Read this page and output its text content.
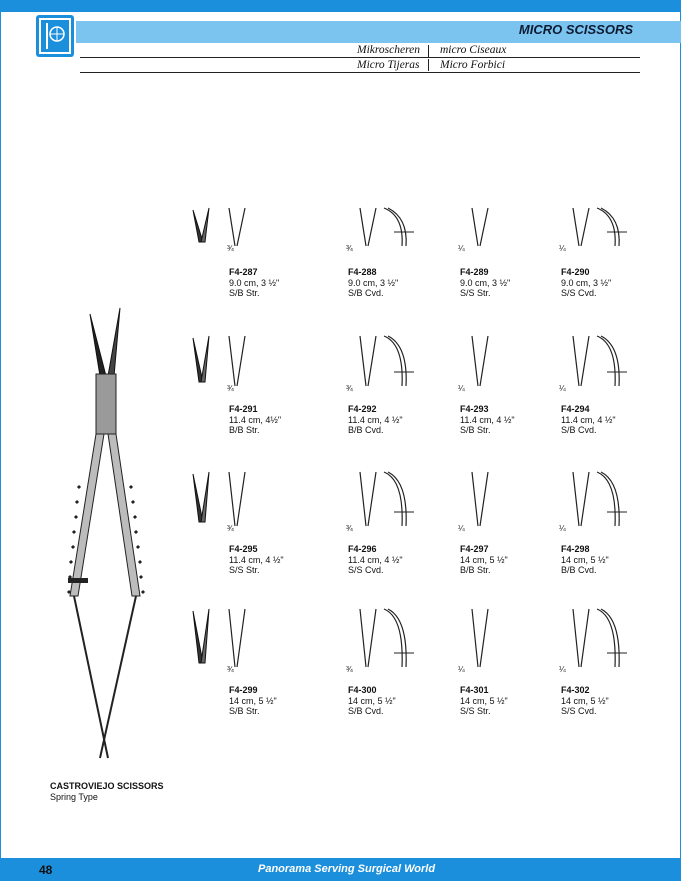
MICRO SCISSORS
Mikroscheren micro Ciseaux
Micro Tijeras Micro Forbici
CASTROVIEJO SCISSORS
Spring Type
¾
F4-287
9.0 cm, 3 ½"
S/B Str.
¾
F4-288
9.0 cm, 3 ½"
S/B Cvd.
¼
F4-289
9.0 cm, 3 ½"
S/S Str.
¼
F4-290
9.0 cm, 3 ½"
S/S Cvd.
¾
F4-291
11.4 cm, 4½"
B/B Str.
¾
F4-292
11.4 cm, 4 ½"
B/B Cvd.
¼
F4-293
11.4 cm, 4 ½"
S/B Str.
¼
F4-294
11.4 cm, 4 ½"
S/B Cvd.
¾
F4-295
11.4 cm, 4 ½"
S/S Str.
¾
F4-296
11.4 cm, 4 ½"
S/S Cvd.
¼
F4-297
14 cm, 5 ½"
B/B Str.
¼
F4-298
14 cm, 5 ½"
B/B Cvd.
¾
F4-299
14 cm, 5 ½"
S/B Str.
¾
F4-300
14 cm, 5 ½"
S/B Cvd.
¼
F4-301
14 cm, 5 ½"
S/S Str.
¼
F4-302
14 cm, 5 ½"
S/S Cvd.
48	Panorama Serving Surgical World
